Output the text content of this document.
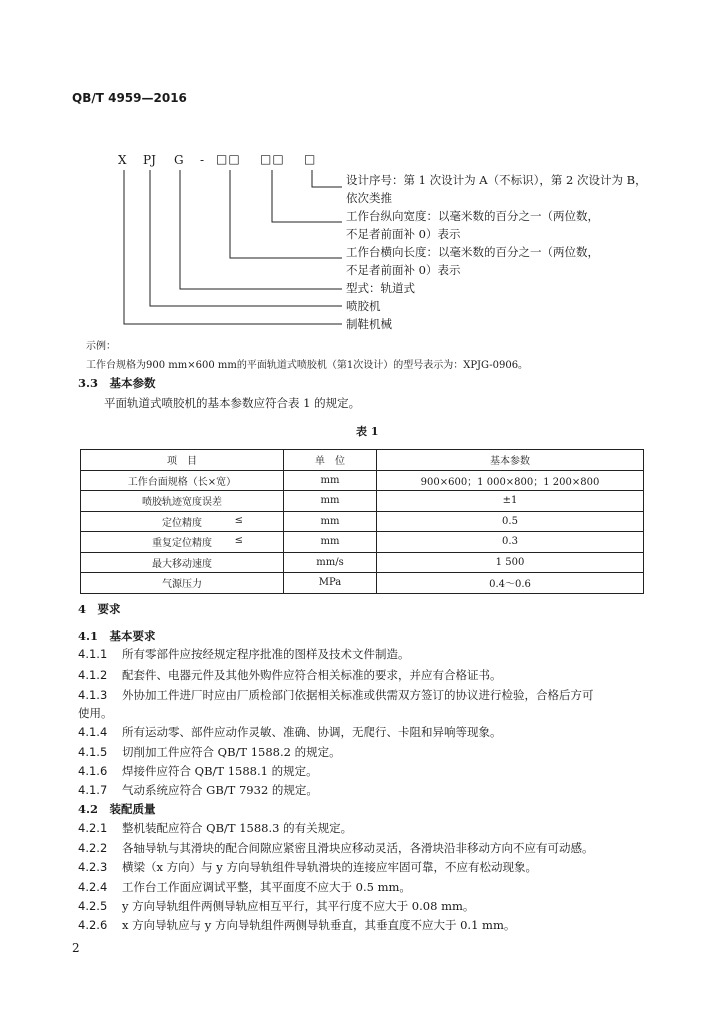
QB/T 4959—2016
X PJ G - □□ □□ □
设计序号：第 1 次设计为 A（不标识），第 2 次设计为 B，
依次类推
工作台纵向宽度：以毫米数的百分之一（两位数，
不足者前面补 0）表示
工作台横向长度：以毫米数的百分之一（两位数，
不足者前面补 0）表示
型式：轨道式
喷胶机
制鞋机械
示例：
工作台规格为900 mm×600 mm的平面轨道式喷胶机（第1次设计）的型号表示为：XPJG-0906。
3.3　基本参数
平面轨道式喷胶机的基本参数应符合表 1 的规定。
表 1
项　目	单　位	基本参数
工作台面规格（长×宽）	mm	900×600；1 000×800；1 200×800
喷胶轨迹宽度误差	mm	±1
定位精度 ≤	mm	0.5
重复定位精度 ≤	mm	0.3
最大移动速度	mm/s	1 500
气源压力	MPa	0.4～0.6
4　要求
4.1　基本要求
4.1.1 所有零部件应按经规定程序批准的图样及技术文件制造。
4.1.2 配套件、电器元件及其他外购件应符合相关标准的要求，并应有合格证书。
4.1.3 外协加工件进厂时应由厂质检部门依据相关标准或供需双方签订的协议进行检验，合格后方可
使用。
4.1.4 所有运动零、部件应动作灵敏、准确、协调，无爬行、卡阻和异响等现象。
4.1.5 切削加工件应符合 QB/T 1588.2 的规定。
4.1.6 焊接件应符合 QB/T 1588.1 的规定。
4.1.7 气动系统应符合 GB/T 7932 的规定。
4.2　装配质量
4.2.1 整机装配应符合 QB/T 1588.3 的有关规定。
4.2.2 各轴导轨与其滑块的配合间隙应紧密且滑块应移动灵活，各滑块沿非移动方向不应有可动感。
4.2.3 横梁（x 方向）与 y 方向导轨组件导轨滑块的连接应牢固可靠，不应有松动现象。
4.2.4 工作台工作面应调试平整，其平面度不应大于 0.5 mm。
4.2.5 y 方向导轨组件两侧导轨应相互平行，其平行度不应大于 0.08 mm。
4.2.6 x 方向导轨应与 y 方向导轨组件两侧导轨垂直，其垂直度不应大于 0.1 mm。
2
